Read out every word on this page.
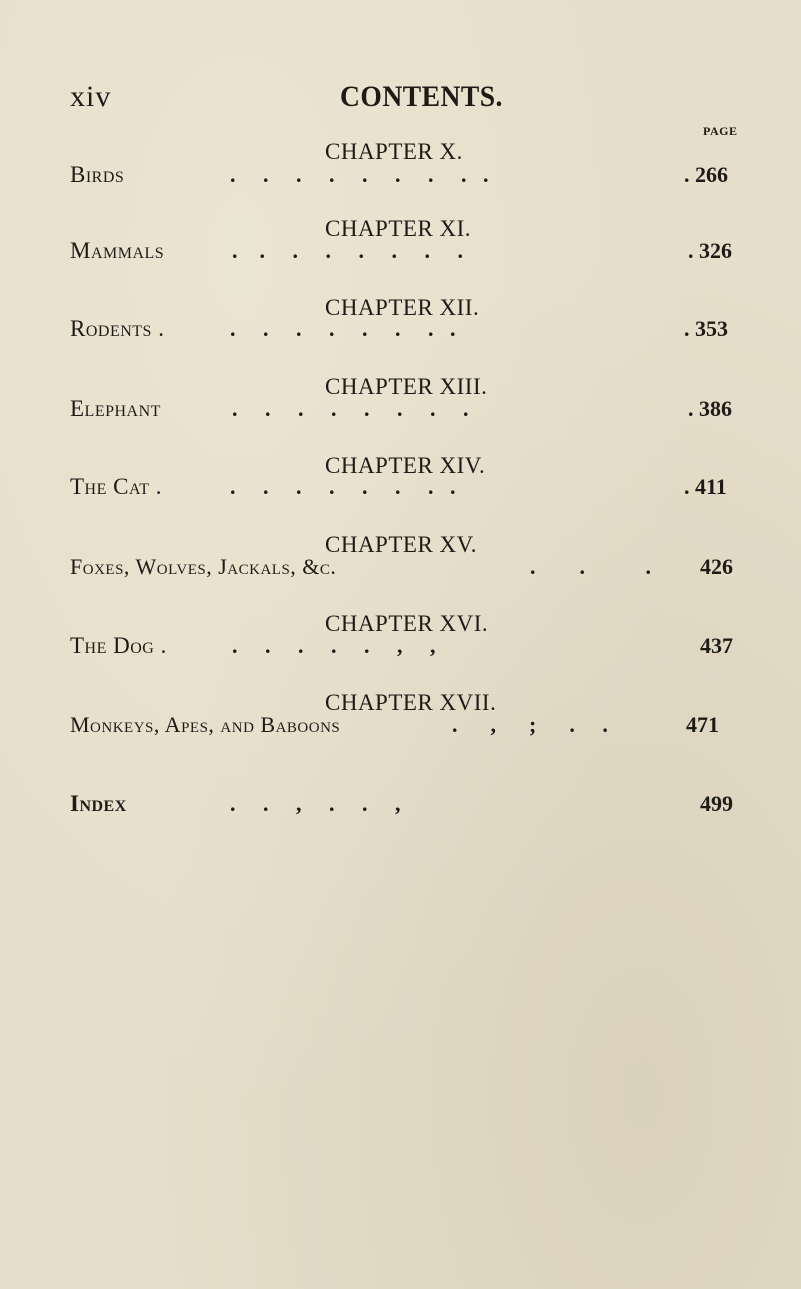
xiv	CONTENTS.
PAGE
CHAPTER X.
Birds	.     .     .     .     .     .     .     .   .	. 266
CHAPTER XI.
Mammals	.    .     .     .     .     .     .     .	. 326
CHAPTER XII.
Rodents .	.     .     .     .     .     .     .   .	. 353
CHAPTER XIII.
Elephant	.     .     .     .     .     .     .     .	. 386
CHAPTER XIV.
The Cat .	.     .     .     .     .     .     .   .	. 411
CHAPTER XV.
Foxes, Wolves, Jackals, &c.	.        .           . 426
CHAPTER XVI.
The Dog .	.     .     .     .     .     ,     ,	437
CHAPTER XVII.
Monkeys, Apes, and Baboons	.      ,      ;      .     .	471
Index	.     .     ,     .     .     ,	499
